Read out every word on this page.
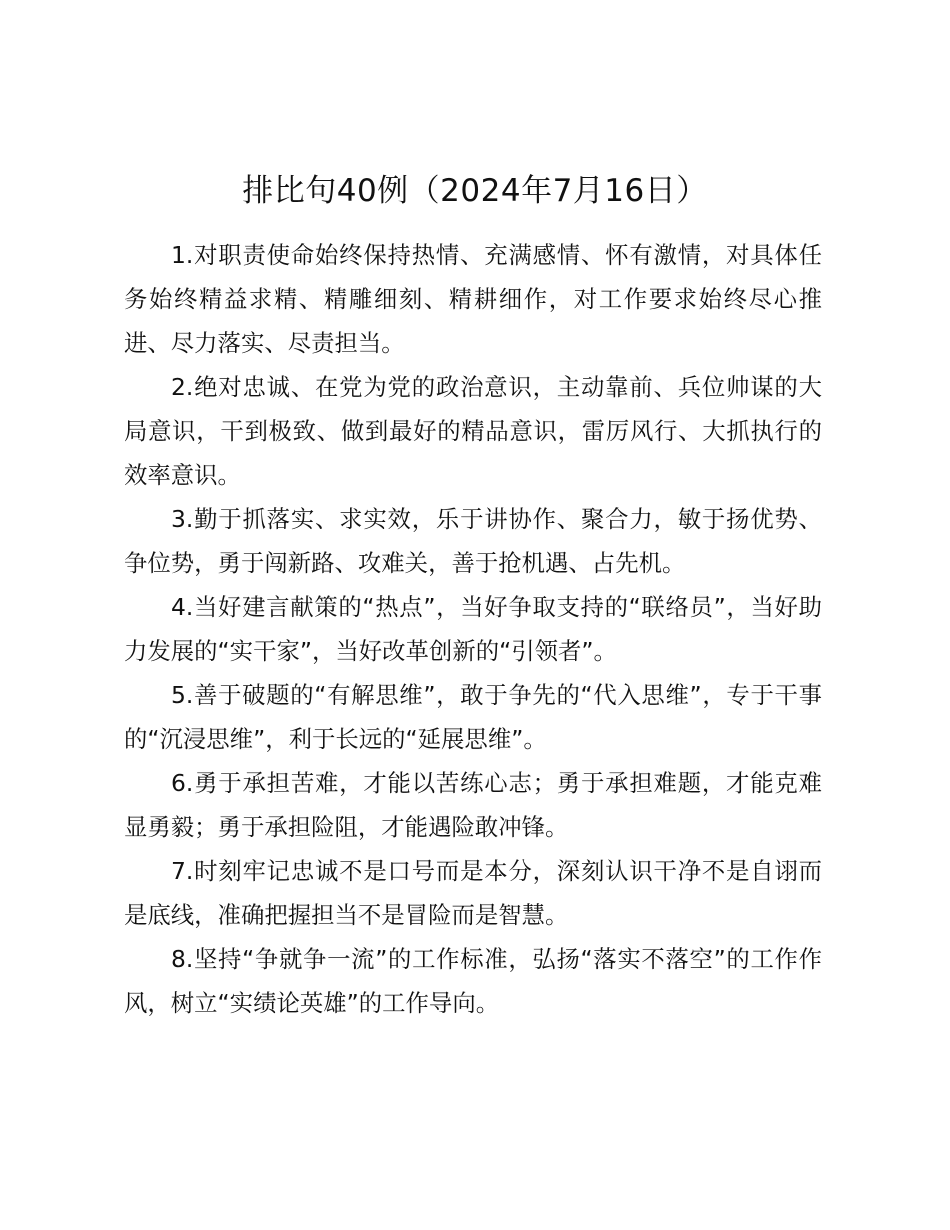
排比句40例（2024年7月16日）

1.对职责使命始终保持热情、充满感情、怀有激情，对具体任务始终精益求精、精雕细刻、精耕细作，对工作要求始终尽心推进、尽力落实、尽责担当。

2.绝对忠诚、在党为党的政治意识，主动靠前、兵位帅谋的大局意识，干到极致、做到最好的精品意识，雷厉风行、大抓执行的效率意识。

3.勤于抓落实、求实效，乐于讲协作、聚合力，敏于扬优势、争位势，勇于闯新路、攻难关，善于抢机遇、占先机。

4.当好建言献策的“热点”，当好争取支持的“联络员”，当好助力发展的“实干家”，当好改革创新的“引领者”。

5.善于破题的“有解思维”，敢于争先的“代入思维”，专于干事的“沉浸思维”，利于长远的“延展思维”。

6.勇于承担苦难，才能以苦练心志；勇于承担难题，才能克难显勇毅；勇于承担险阻，才能遇险敢冲锋。

7.时刻牢记忠诚不是口号而是本分，深刻认识干净不是自诩而是底线，准确把握担当不是冒险而是智慧。

8.坚持“争就争一流”的工作标准，弘扬“落实不落空”的工作作风，树立“实绩论英雄”的工作导向。
